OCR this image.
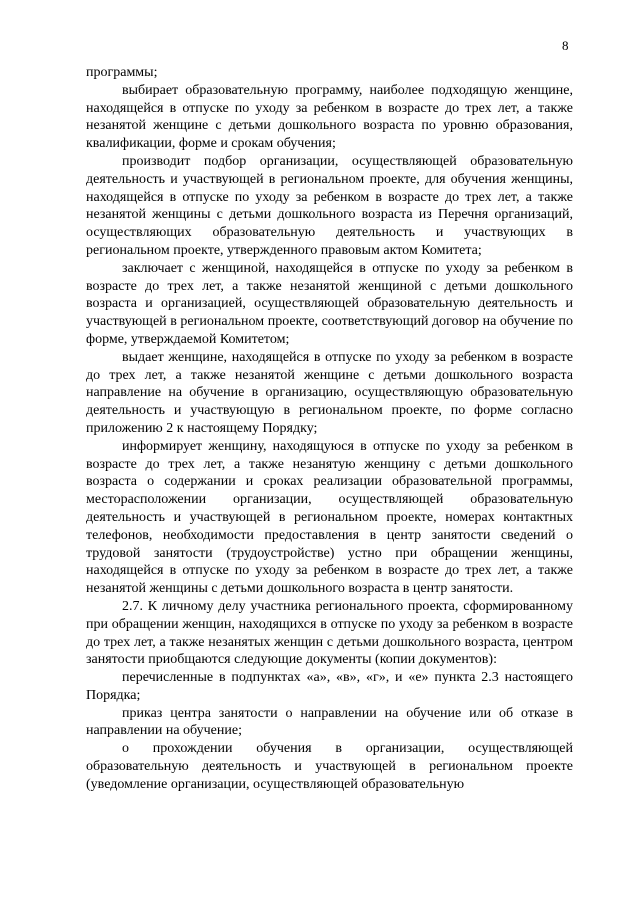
8

программы;

выбирает образовательную программу, наиболее подходящую женщине, находящейся в отпуске по уходу за ребенком в возрасте до трех лет, а также незанятой женщине с детьми дошкольного возраста по уровню образования, квалификации, форме и срокам обучения;

производит подбор организации, осуществляющей образовательную деятельность и участвующей в региональном проекте, для обучения женщины, находящейся в отпуске по уходу за ребенком в возрасте до трех лет, а также незанятой женщины с детьми дошкольного возраста из Перечня организаций, осуществляющих образовательную деятельность и участвующих в региональном проекте, утвержденного правовым актом Комитета;

заключает с женщиной, находящейся в отпуске по уходу за ребенком в возрасте до трех лет, а также незанятой женщиной с детьми дошкольного возраста и организацией, осуществляющей образовательную деятельность и участвующей в региональном проекте, соответствующий договор на обучение по форме, утверждаемой Комитетом;

выдает женщине, находящейся в отпуске по уходу за ребенком в возрасте до трех лет, а также незанятой женщине с детьми дошкольного возраста направление на обучение в организацию, осуществляющую образовательную деятельность и участвующую в региональном проекте, по форме согласно приложению 2 к настоящему Порядку;

информирует женщину, находящуюся в отпуске по уходу за ребенком в возрасте до трех лет, а также незанятую женщину с детьми дошкольного возраста о содержании и сроках реализации образовательной программы, месторасположении организации, осуществляющей образовательную деятельность и участвующей в региональном проекте, номерах контактных телефонов, необходимости предоставления в центр занятости сведений о трудовой занятости (трудоустройстве) устно при обращении женщины, находящейся в отпуске по уходу за ребенком в возрасте до трех лет, а также незанятой женщины с детьми дошкольного возраста в центр занятости.

2.7. К личному делу участника регионального проекта, сформированному при обращении женщин, находящихся в отпуске по уходу за ребенком в возрасте до трех лет, а также незанятых женщин с детьми дошкольного возраста, центром занятости приобщаются следующие документы (копии документов):

перечисленные в подпунктах «а», «в», «г», и «е» пункта 2.3 настоящего Порядка;

приказ центра занятости о направлении на обучение или об отказе в направлении на обучение;

о прохождении обучения в организации, осуществляющей образовательную деятельность и участвующей в региональном проекте (уведомление организации, осуществляющей образовательную
